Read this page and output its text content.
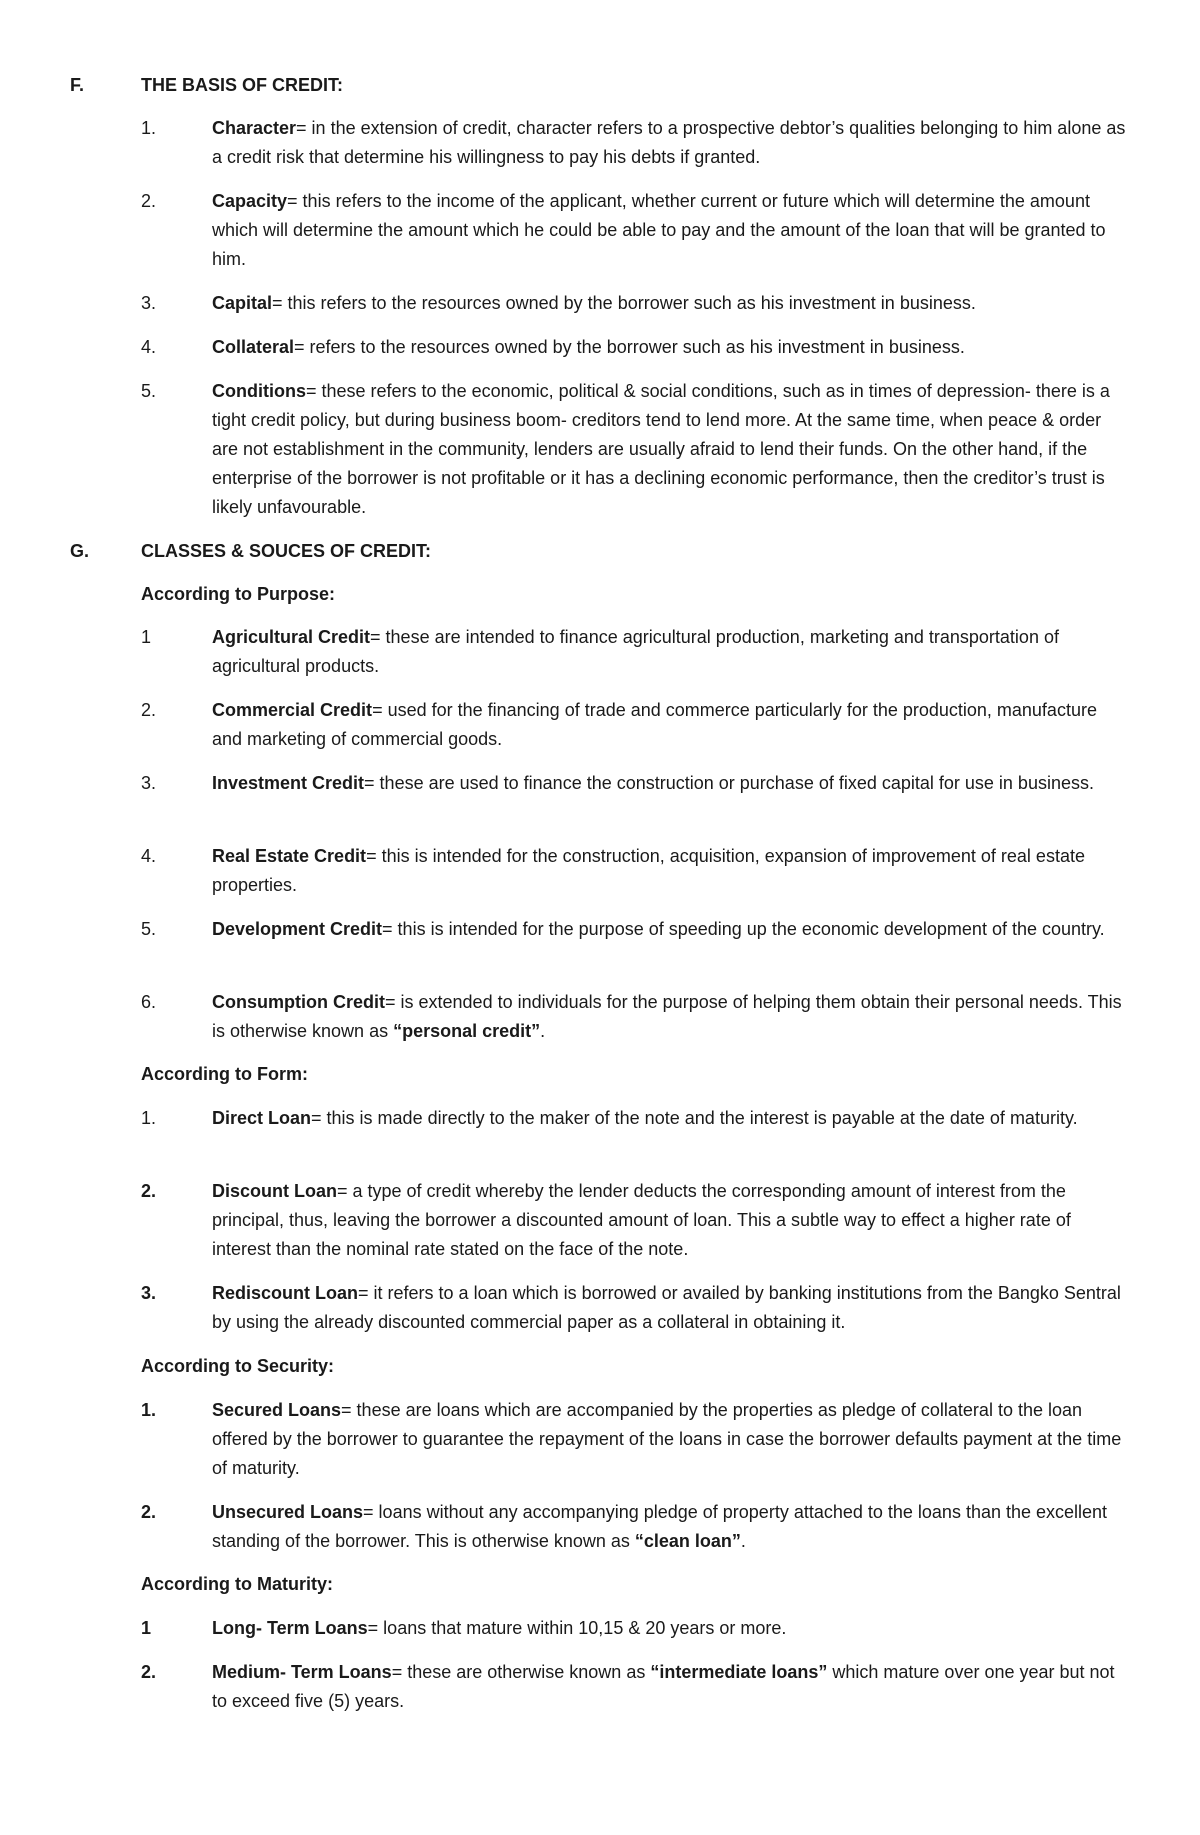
F.	THE BASIS OF CREDIT:
1.	Character= in the extension of credit, character refers to a prospective debtor’s qualities belonging to him alone as a credit risk that determine his willingness to pay his debts if granted.
2.	Capacity= this refers to the income of the applicant, whether current or future which will determine the amount which will determine the amount which he could be able to pay and the amount of the loan that will be granted to him.
3.	Capital= this refers to the resources owned by the borrower such as his investment in business.
4.	Collateral= refers to the resources owned by the borrower such as his investment in business.
5.	Conditions= these refers to the economic, political & social conditions, such as in times of depression- there is a tight credit policy, but during business boom- creditors tend to lend more. At the same time, when peace & order are not establishment in the community, lenders are usually afraid to lend their funds. On the other hand, if the enterprise of the borrower is not profitable or it has a declining economic performance, then the creditor’s trust is likely unfavourable.
G.	CLASSES & SOUCES OF CREDIT:
According to Purpose:
1	Agricultural Credit= these are intended to finance agricultural production, marketing and transportation of agricultural products.
2.	Commercial Credit= used for the financing of trade and commerce particularly for the production, manufacture and marketing of commercial goods.
3.	Investment Credit= these are used to finance the construction or purchase of fixed capital for use in business.
4.	Real Estate Credit= this is intended for the construction, acquisition, expansion of improvement of real estate properties.
5.	Development Credit= this is intended for the purpose of speeding up the economic development of the country.
6.	Consumption Credit= is extended to individuals for the purpose of helping them obtain their personal needs. This is otherwise known as “personal credit”.
According to Form:
1.	Direct Loan= this is made directly to the maker of the note and the interest is payable at the date of maturity.
2.	Discount Loan= a type of credit whereby the lender deducts the corresponding amount of interest from the principal, thus, leaving the borrower a discounted amount of loan. This a subtle way to effect a higher rate of interest than the nominal rate stated on the face of the note.
3.	Rediscount Loan= it refers to a loan which is borrowed or availed by banking institutions from the Bangko Sentral by using the already discounted commercial paper as a collateral in obtaining it.
According to Security:
1.	Secured Loans= these are loans which are accompanied by the properties as pledge of collateral to the loan offered by the borrower to guarantee the repayment of the loans in case the borrower defaults payment at the time of maturity.
2.	Unsecured Loans= loans without any accompanying pledge of property attached to the loans than the excellent standing of the borrower. This is otherwise known as “clean loan”.
According to Maturity:
1	Long- Term Loans= loans that mature within 10,15 & 20 years or more.
2.	Medium- Term Loans= these are otherwise known as “intermediate loans” which mature over one year but not to exceed five (5) years.
